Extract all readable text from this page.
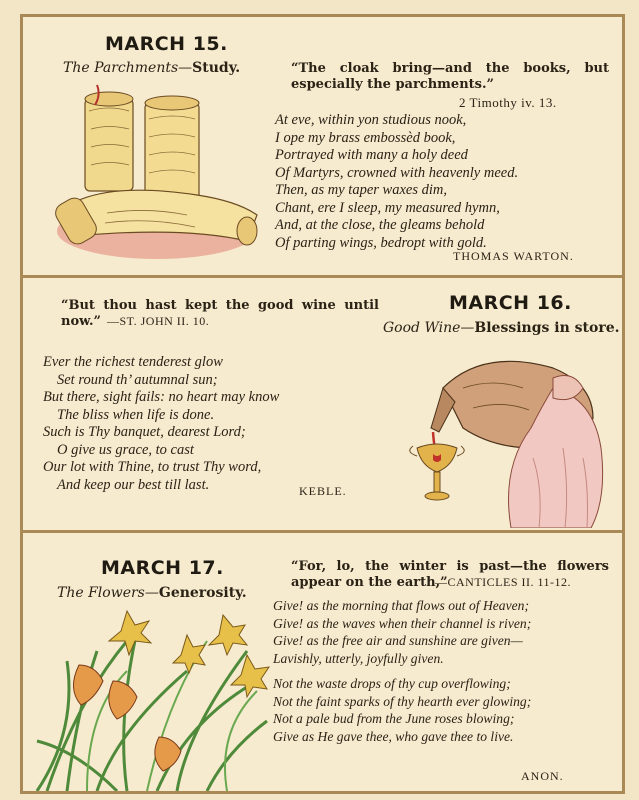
MARCH 15.
The Parchments—Study.	“The cloak bring—and the books, but especially the parchments.”
2 Timothy iv. 13.
At eve, within yon studious nook,
I ope my brass embossèd book,
Portrayed with many a holy deed
Of Martyrs, crowned with heavenly meed.
Then, as my taper waxes dim,
Chant, ere I sleep, my measured hymn,
And, at the close, the gleams behold
Of parting wings, bedropt with gold.
THOMAS WARTON.
“But thou hast kept the good wine until now.” —ST. JOHN II. 10.
MARCH 16.
Good Wine—Blessings in store.
Ever the richest tenderest glow
Set round th’ autumnal sun;
But there, sight fails: no heart may know
The bliss when life is done.
Such is Thy banquet, dearest Lord;
O give us grace, to cast
Our lot with Thine, to trust Thy word,
And keep our best till last.	KEBLE.
MARCH 17.
The Flowers—Generosity.
“For, lo, the winter is past—the flowers appear on the earth,”
—CANTICLES II. 11-12.
Give! as the morning that flows out of Heaven;
Give! as the waves when their channel is riven;
Give! as the free air and sunshine are given—
Lavishly, utterly, joyfully given.
Not the waste drops of thy cup overflowing;
Not the faint sparks of thy hearth ever glowing;
Not a pale bud from the June roses blowing;
Give as He gave thee, who gave thee to live.
ANON.
